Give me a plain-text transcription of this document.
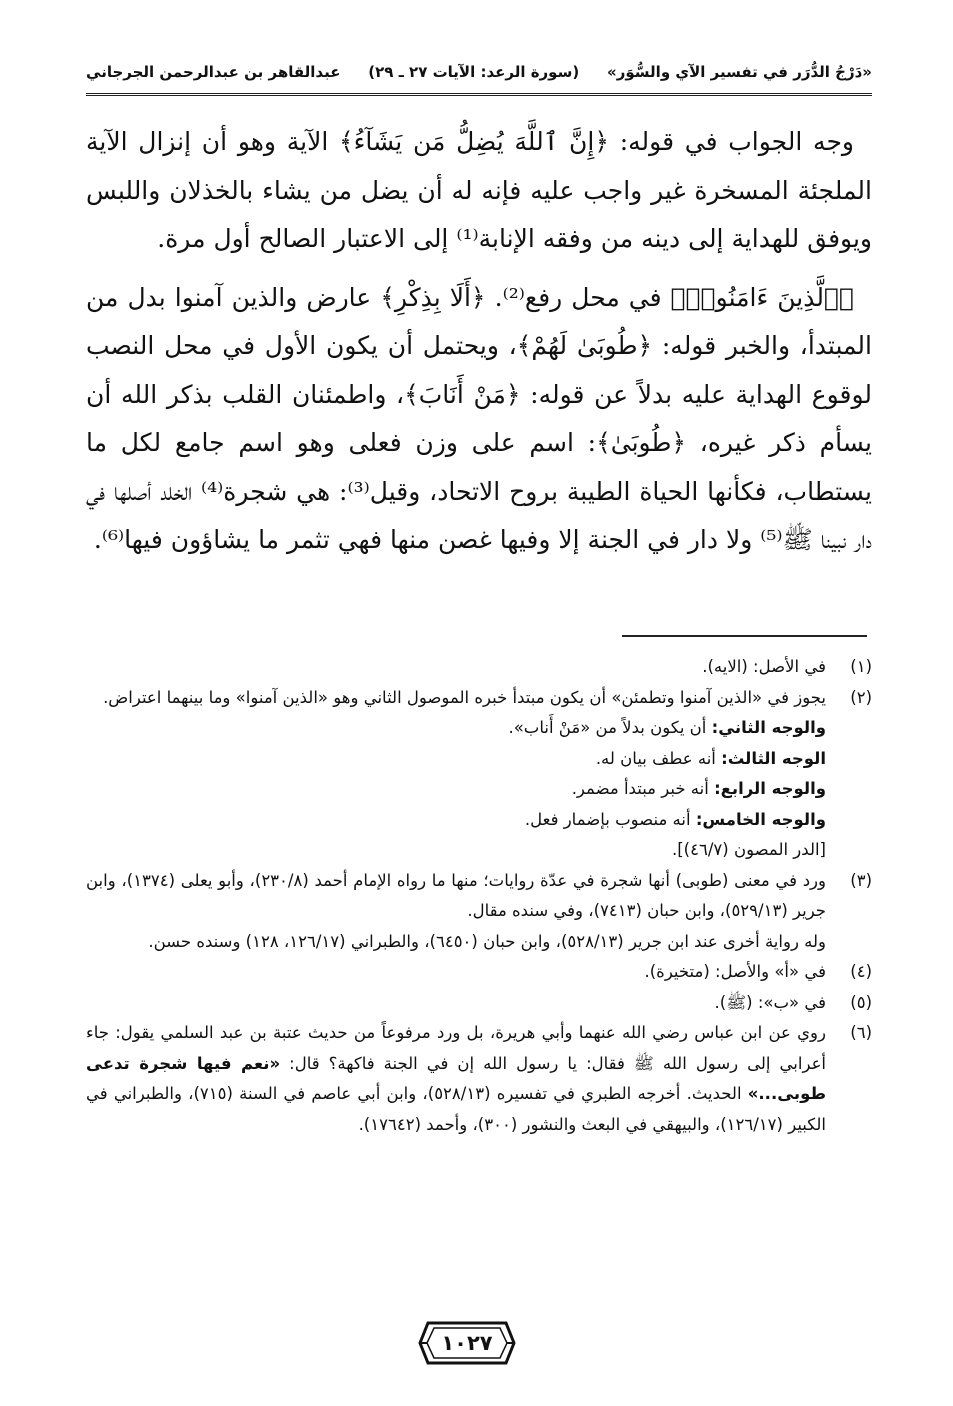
«دَرْجُ الدُّرَر في تفسير الآي والسُّوَر»
(سورة الرعد: الآيات ٢٧ ـ ٢٩)
عبدالقاهر بن عبدالرحمن الجرجاني

وجه الجواب في قوله: ﴿إِنَّ ٱللَّهَ يُضِلُّ مَن يَشَآءُ﴾ الآية وهو أن إنزال الآية الملجئة المسخرة غير واجب عليه فإنه له أن يضل من يشاء بالخذلان واللبس ويوفق للهداية إلى دينه من وفقه الإنابة⁽¹⁾ إلى الاعتبار الصالح أول مرة.

﴿ٱلَّذِينَ ءَامَنُوا۟﴾ في محل رفع⁽²⁾. ﴿أَلَا بِذِكْرِ﴾ عارض والذين آمنوا بدل من المبتدأ، والخبر قوله: ﴿طُوبَىٰ لَهُمْ﴾، ويحتمل أن يكون الأول في محل النصب لوقوع الهداية عليه بدلاً عن قوله: ﴿مَنْ أَنَابَ﴾، واطمئنان القلب بذكر الله أن يسأم ذكر غيره، ﴿طُوبَىٰ﴾: اسم على وزن فعلى وهو اسم جامع لكل ما يستطاب، فكأنها الحياة الطيبة بروح الاتحاد، وقيل⁽³⁾: هي شجرة⁽⁴⁾ الخلد أصلها في دار نبينا ﷺ⁽⁵⁾ ولا دار في الجنة إلا وفيها غصن منها فهي تثمر ما يشاؤون فيها⁽⁶⁾.

(١)
في الأصل: (الايه).
(٢)
يجوز في «الذين آمنوا وتطمئن» أن يكون مبتدأ خبره الموصول الثاني وهو «الذين آمنوا» وما بينهما اعتراض.
والوجه الثاني: أن يكون بدلاً من «مَنْ أَناب».
الوجه الثالث: أنه عطف بيان له.
والوجه الرابع: أنه خبر مبتدأ مضمر.
والوجه الخامس: أنه منصوب بإضمار فعل.
[الدر المصون (٤٦/٧)].
(٣)
ورد في معنى (طوبى) أنها شجرة في عدّة روايات؛ منها ما رواه الإمام أحمد (٢٣٠/٨)، وأبو يعلى (١٣٧٤)، وابن جرير (٥٢٩/١٣)، وابن حبان (٧٤١٣)، وفي سنده مقال.
وله رواية أخرى عند ابن جرير (٥٢٨/١٣)، وابن حبان (٦٤٥٠)، والطبراني (١٢٦/١٧، ١٢٨) وسنده حسن.
(٤)
في «أ» والأصل: (متخيرة).
(٥)
في «ب»: (ﷺ).
(٦)
روي عن ابن عباس رضي الله عنهما وأبي هريرة، بل ورد مرفوعاً من حديث عتبة بن عبد السلمي يقول: جاء أعرابي إلى رسول الله ﷺ فقال: يا رسول الله إن في الجنة فاكهة؟ قال: «نعم فيها شجرة تدعى طوبى...» الحديث. أخرجه الطبري في تفسيره (٥٢٨/١٣)، وابن أبي عاصم في السنة (٧١٥)، والطبراني في الكبير (١٢٦/١٧)، والبيهقي في البعث والنشور (٣٠٠)، وأحمد (١٧٦٤٢).
١٠٢٧
